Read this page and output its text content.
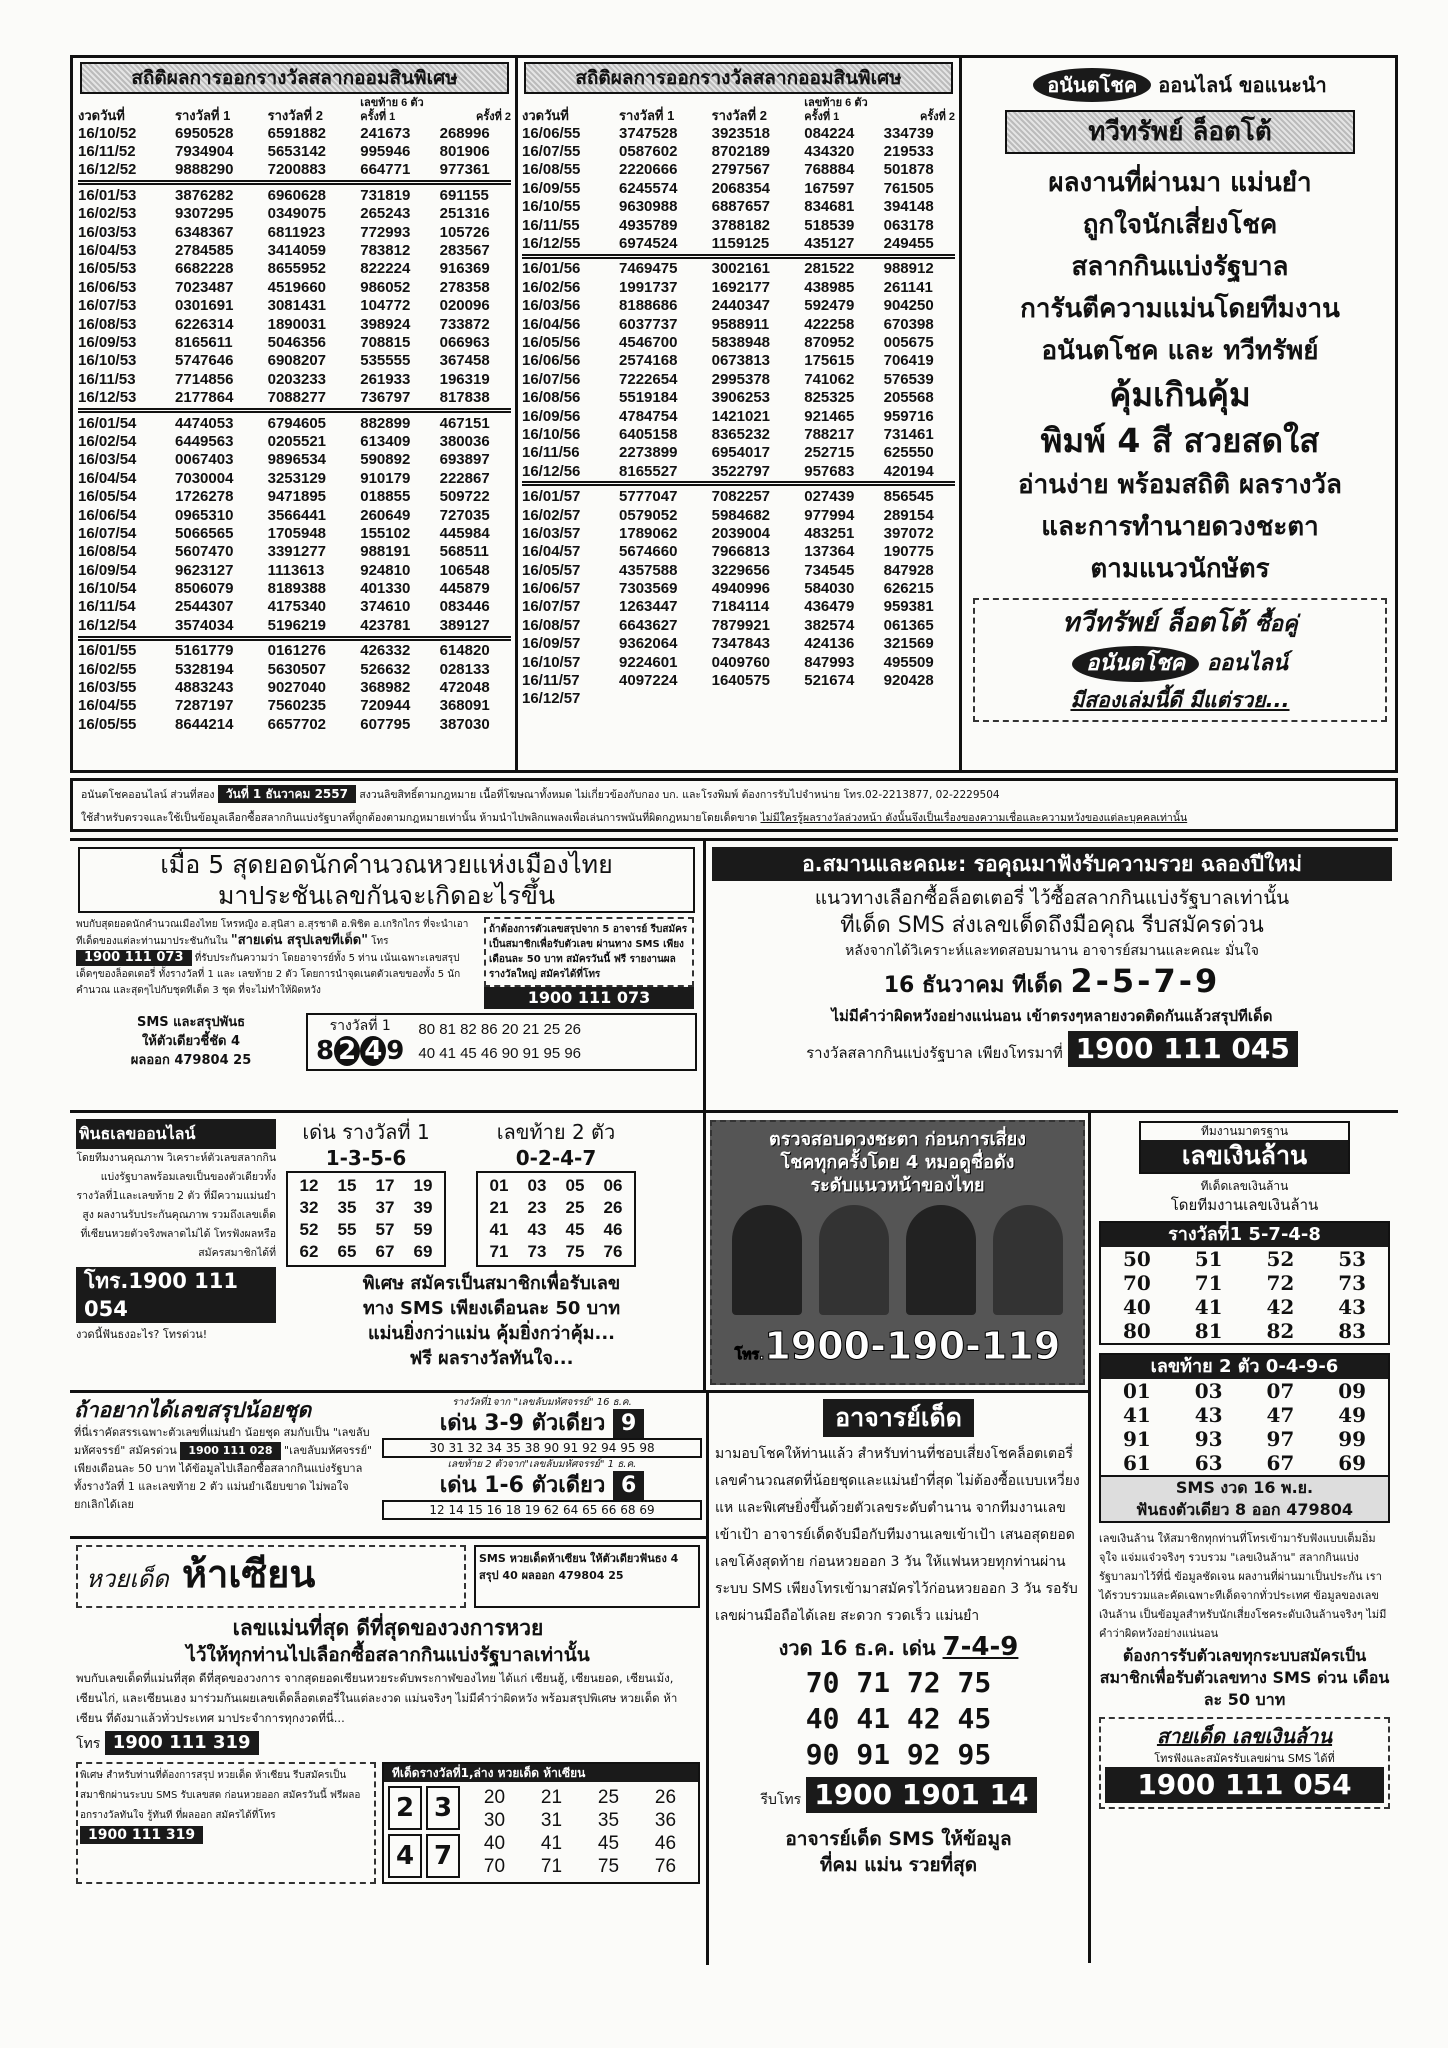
สถิติผลการออกรางวัลสลากออมสินพิเศษ
งวดวันที่	รางวัลที่ 1	รางวัลที่ 2	เลขท้าย 6 ตัว	
			ครั้งที่ 1	ครั้งที่ 2
16/10/52	6950528	6591882	241673	268996
16/11/52	7934904	5653142	995946	801906
16/12/52	9888290	7200883	664771	977361

16/01/53	3876282	6960628	731819	691155
16/02/53	9307295	0349075	265243	251316
16/03/53	6348367	6811923	772993	105726
16/04/53	2784585	3414059	783812	283567
16/05/53	6682228	8655952	822224	916369
16/06/53	7023487	4519660	986052	278358
16/07/53	0301691	3081431	104772	020096
16/08/53	6226314	1890031	398924	733872
16/09/53	8165611	5046356	708815	066963
16/10/53	5747646	6908207	535555	367458
16/11/53	7714856	0203233	261933	196319
16/12/53	2177864	7088277	736797	817838

16/01/54	4474053	6794605	882899	467151
16/02/54	6449563	0205521	613409	380036
16/03/54	0067403	9896534	590892	693897
16/04/54	7030004	3253129	910179	222867
16/05/54	1726278	9471895	018855	509722
16/06/54	0965310	3566441	260649	727035
16/07/54	5066565	1705948	155102	445984
16/08/54	5607470	3391277	988191	568511
16/09/54	9623127	1113613	924810	106548
16/10/54	8506079	8189388	401330	445879
16/11/54	2544307	4175340	374610	083446
16/12/54	3574034	5196219	423781	389127

16/01/55	5161779	0161276	426332	614820
16/02/55	5328194	5630507	526632	028133
16/03/55	4883243	9027040	368982	472048
16/04/55	7287197	7560235	720944	368091
16/05/55	8644214	6657702	607795	387030
สถิติผลการออกรางวัลสลากออมสินพิเศษ
งวดวันที่	รางวัลที่ 1	รางวัลที่ 2	เลขท้าย 6 ตัว	
			ครั้งที่ 1	ครั้งที่ 2
16/06/55	3747528	3923518	084224	334739
16/07/55	0587602	8702189	434320	219533
16/08/55	2220666	2797567	768884	501878
16/09/55	6245574	2068354	167597	761505
16/10/55	9630988	6887657	834681	394148
16/11/55	4935789	3788182	518539	063178
16/12/55	6974524	1159125	435127	249455

16/01/56	7469475	3002161	281522	988912
16/02/56	1991737	1692177	438985	261141
16/03/56	8188686	2440347	592479	904250
16/04/56	6037737	9588911	422258	670398
16/05/56	4546700	5838948	870952	005675
16/06/56	2574168	0673813	175615	706419
16/07/56	7222654	2995378	741062	576539
16/08/56	5519184	3906253	825325	205568
16/09/56	4784754	1421021	921465	959716
16/10/56	6405158	8365232	788217	731461
16/11/56	2273899	6954017	252715	625550
16/12/56	8165527	3522797	957683	420194

16/01/57	5777047	7082257	027439	856545
16/02/57	0579052	5984682	977994	289154
16/03/57	1789062	2039004	483251	397072
16/04/57	5674660	7966813	137364	190775
16/05/57	4357588	3229656	734545	847928
16/06/57	7303569	4940996	584030	626215
16/07/57	1263447	7184114	436479	959381
16/08/57	6643627	7879921	382574	061365
16/09/57	9362064	7347843	424136	321569
16/10/57	9224601	0409760	847993	495509
16/11/57	4097224	1640575	521674	920428
16/12/57				
อนันตโชค ออนไลน์ ขอแนะนำ
ทวีทรัพย์ ล็อตโต้
ผลงานที่ผ่านมา แม่นยำ
ถูกใจนักเสี่ยงโชค
สลากกินแบ่งรัฐบาล
การันตีความแม่นโดยทีมงาน
อนันตโชค และ ทวีทรัพย์
คุ้มเกินคุ้ม
พิมพ์ 4 สี สวยสดใส
อ่านง่าย พร้อมสถิติ ผลรางวัล
และการทำนายดวงชะตา
ตามแนวนักษัตร
ทวีทรัพย์ ล็อตโต้ ซื้อคู่
อนันตโชค ออนไลน์
มีสองเล่มนี้ดี มีแต่รวย...
อนันตโชคออนไลน์ ส่วนที่สอง วันที่ 1 ธันวาคม 2557 สงวนลิขสิทธิ์ตามกฎหมาย เนื้อที่โฆษณาทั้งหมด ไม่เกี่ยวข้องกับกอง บก. และโรงพิมพ์ ต้องการรับไปจำหน่าย โทร.02-2213877, 02-2229504
ใช้สำหรับตรวจและใช้เป็นข้อมูลเลือกซื้อสลากกินแบ่งรัฐบาลที่ถูกต้องตามกฎหมายเท่านั้น ห้ามนำไปพลิกแพลงเพื่อเล่นการพนันที่ผิดกฎหมายโดยเด็ดขาด ไม่มีใครรู้ผลรางวัลล่วงหน้า ดังนั้นจึงเป็นเรื่องของความเชื่อและความหวังของแต่ละบุคคลเท่านั้น
เมื่อ 5 สุดยอดนักคำนวณหวยแห่งเมืองไทย
มาประชันเลขกันจะเกิดอะไรขึ้น
พบกับสุดยอดนักคำนวณเมืองไทย โหรหญิง อ.สุนิสา อ.สุรชาติ อ.พิชิต อ.เกริกไกร ที่จะนำเอาทีเด็ดของแต่ละท่านมาประชันกันใน "สายเด่น สรุปเลขทีเด็ด" โทร 1900 111 073 ที่รับประกันความว่า โดยอาจารย์ทั้ง 5 ท่าน เน้นเฉพาะเลขสรุปเด็ดๆของล็อตเตอรี่ ทั้งรางวัลที่ 1 และ เลขท้าย 2 ตัว โดยการนำจุดเนตตัวเลขของทั้ง 5 นักคำนวณ และสุดๆไปกับชุดทีเด็ด 3 ชุด ที่จะไม่ทำให้ผิดหวัง
ถ้าต้องการตัวเลขสรุปจาก 5 อาจารย์ รีบสมัครเป็นสมาชิกเพื่อรับตัวเลข ผ่านทาง SMS เพียงเดือนละ 50 บาท สมัครวันนี้ ฟรี รายงานผลรางวัลใหญ่ สมัครได้ที่โทร
1900 111 073
SMS และสรุปพันธ
ให้ตัวเดียวชี้ชัด 4
ผลออก 479804 25
รางวัลที่ 1
8 2 4 9
80 81 82 86 20 21 25 26
40 41 45 46 90 91 95 96
อ.สมานและคณะ: รอคุณมาฟังรับความรวย ฉลองปีใหม่
แนวทางเลือกซื้อล็อตเตอรี่ ไว้ซื้อสลากกินแบ่งรัฐบาลเท่านั้น
ทีเด็ด SMS ส่งเลขเด็ดถึงมือคุณ รีบสมัครด่วน
หลังจากได้วิเคราะห์และทดสอบมานาน อาจารย์สมานและคณะ มั่นใจ
16 ธันวาคม ทีเด็ด 2-5-7-9
ไม่มีคำว่าผิดหวังอย่างแน่นอน เข้าตรงๆหลายงวดติดกันแล้วสรุปทีเด็ด
รางวัลสลากกินแบ่งรัฐบาล เพียงโทรมาที่ 1900 111 045
พินธเลขออนไลน์
โดยทีมงานคุณภาพ วิเคราะห์ตัวเลขสลากกินแบ่งรัฐบาลพร้อมเลขเป็นของตัวเดียวทั้งรางวัลที่1และเลขท้าย 2 ตัว ที่มีความแม่นยำสูง ผลงานรับประกันคุณภาพ รวมถึงเลขเด็ดที่เซียนหวยตัวจริงพลาดไม่ได้ โทรฟังผลหรือสมัครสมาชิกได้ที่
โทร.1900 111 054
งวดนี้ฟันธงอะไร? โทรด่วน!
เด่น รางวัลที่ 1
1-3-5-6
12	15	17	19
32	35	37	39
52	55	57	59
62	65	67	69
เลขท้าย 2 ตัว
0-2-4-7
01	03	05	06
21	23	25	26
41	43	45	46
71	73	75	76
พิเศษ สมัครเป็นสมาชิกเพื่อรับเลข
ทาง SMS เพียงเดือนละ 50 บาท
แม่นยิ่งกว่าแม่น คุ้มยิ่งกว่าคุ้ม...
ฟรี ผลรางวัลทันใจ...
ตรวจสอบดวงชะตา ก่อนการเสี่ยง
โชคทุกครั้งโดย 4 หมอดูชื่อดัง
ระดับแนวหน้าของไทย
โทร.1900-190-119
ทีมงานมาตรฐาน
เลขเงินล้าน
ทีเด็ดเลขเงินล้าน
โดยทีมงานเลขเงินล้าน
รางวัลที่1 5-7-4-8
50	51	52	53
70	71	72	73
40	41	42	43
80	81	82	83
เลขท้าย 2 ตัว 0-4-9-6
01	03	07	09
41	43	47	49
91	93	97	99
61	63	67	69
SMS งวด 16 พ.ย.
ฟันธงตัวเดียว 8 ออก 479804
เลขเงินล้าน ให้สมาชิกทุกท่านที่โทรเข้ามารับฟังแบบเต็มอิ่ม จุใจ แจ่มแจ๋วจริงๆ รวบรวม "เลขเงินล้าน" สลากกินแบ่งรัฐบาลมาไว้ที่นี่ ข้อมูลชัดเจน ผลงานที่ผ่านมาเป็นประกัน เราได้รวบรวมและคัดเฉพาะทีเด็ดจากทั่วประเทศ ข้อมูลของเลขเงินล้าน เป็นข้อมูลสำหรับนักเสี่ยงโชคระดับเงินล้านจริงๆ ไม่มีคำว่าผิดหวังอย่างแน่นอน
ต้องการรับตัวเลขทุกระบบสมัครเป็นสมาชิกเพื่อรับตัวเลขทาง SMS ด่วน เดือนละ 50 บาท
สายเด็ด เลขเงินล้าน
โทรฟังและสมัครรับเลขผ่าน SMS ได้ที่
1900 111 054
ถ้าอยากได้เลขสรุปน้อยชุด
ที่นี่เราคัดสรรเฉพาะตัวเลขที่แม่นยำ น้อยชุด สมกับเป็น "เลขลับมหัศจรรย์" สมัครด่วน 1900 111 028 "เลขลับมหัศจรรย์" เพียงเดือนละ 50 บาท ได้ข้อมูลไปเลือกซื้อสลากกินแบ่งรัฐบาลทั้งรางวัลที่ 1 และเลขท้าย 2 ตัว แม่นยำเฉียบขาด ไม่พอใจยกเลิกได้เลย
รางวัลที่1จาก "เลขลับมหัศจรรย์" 16 ธ.ค.
เด่น 3-9 ตัวเดียว 9
30 31 32 34 35 38 90 91 92 94 95 98
เลขท้าย 2 ตัวจาก"เลขลับมหัศจรรย์" 1 ธ.ค.
เด่น 1-6 ตัวเดียว 6
12 14 15 16 18 19 62 64 65 66 68 69
อาจารย์เด็ด
มามอบโชคให้ท่านแล้ว สำหรับท่านที่ชอบเสี่ยงโชคล็อตเตอรี่ เลขคำนวณสดที่น้อยชุดและแม่นยำที่สุด ไม่ต้องซื้อแบบเหวี่ยงแห และพิเศษยิ่งขึ้นด้วยตัวเลขระดับตำนาน จากทีมงานเลขเข้าเป้า อาจารย์เด็ดจับมือกับทีมงานเลขเข้าเป้า เสนอสุดยอดเลขโค้งสุดท้าย ก่อนหวยออก 3 วัน ให้แฟนหวยทุกท่านผ่านระบบ SMS เพียงโทรเข้ามาสมัครไว้ก่อนหวยออก 3 วัน รอรับเลขผ่านมือถือได้เลย สะดวก รวดเร็ว แม่นยำ
งวด 16 ธ.ค. เด่น 7-4-9
70 71 72 75
40 41 42 45
90 91 92 95
รีบโทร 1900 1901 14
อาจารย์เด็ด SMS ให้ข้อมูล
ที่คม แม่น รวยที่สุด
หวยเด็ด ห้าเซียน	SMS หวยเด็ดห้าเซียน ให้ตัวเดียวฟันธง 4 สรุป 40 ผลออก 479804 25
เลขแม่นที่สุด ดีที่สุดของวงการหวย
ไว้ให้ทุกท่านไปเลือกซื้อสลากกินแบ่งรัฐบาลเท่านั้น
พบกับเลขเด็ดที่แม่นที่สุด ดีที่สุดของวงการ จากสุดยอดเซียนหวยระดับพระกาฬของไทย ได้แก่ เซียนฮู้, เซียนยอด, เซียนเม้ง, เซียนไก่, และเซียนเฮง มาร่วมกันเผยเลขเด็ดล็อตเตอรี่ในแต่ละงวด แม่นจริงๆ ไม่มีคำว่าผิดหวัง พร้อมสรุปพิเศษ หวยเด็ด ห้าเซียน ที่ดังมาแล้วทั่วประเทศ มาประจำการทุกงวดที่นี่...
โทร 1900 111 319
พิเศษ สำหรับท่านที่ต้องการสรุป หวยเด็ด ห้าเซียน รีบสมัครเป็นสมาชิกผ่านระบบ SMS รับเลขสด ก่อนหวยออก สมัครวันนี้ ฟรีผลออกรางวัลทันใจ รู้ทันที ที่ผลออก สมัครได้ที่โทร 1900 111 319
ทีเด็ดรางวัลที่1,ล่าง หวยเด็ด ห้าเซียน
2 3
4 7
20	21	25	26
30	31	35	36
40	41	45	46
70	71	75	76
